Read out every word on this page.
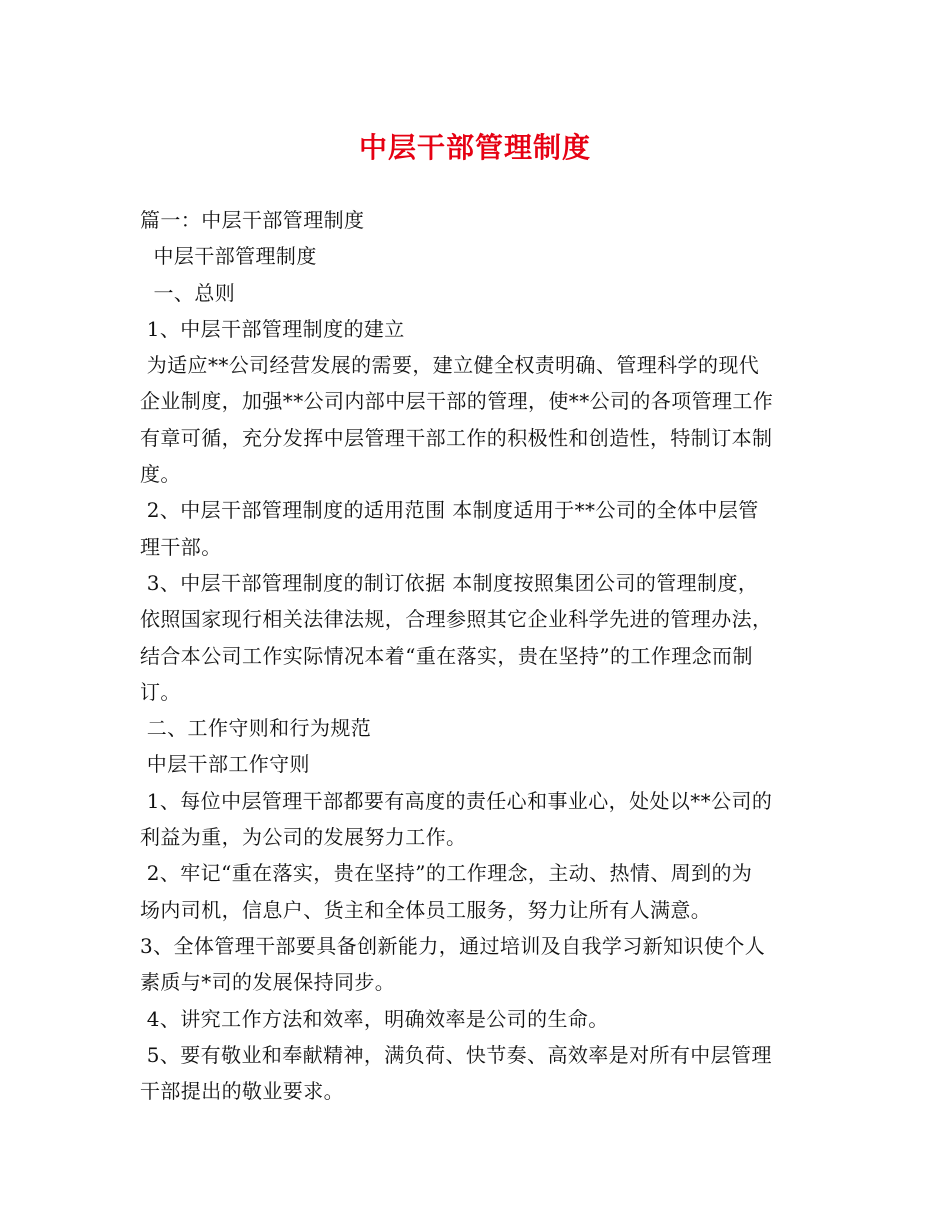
中层干部管理制度
篇一：中层干部管理制度
中层干部管理制度
一、总则
1、中层干部管理制度的建立
为适应**公司经营发展的需要，建立健全权责明确、管理科学的现代
企业制度，加强**公司内部中层干部的管理，使**公司的各项管理工作
有章可循，充分发挥中层管理干部工作的积极性和创造性，特制订本制
度。
2、中层干部管理制度的适用范围 本制度适用于**公司的全体中层管
理干部。
3、中层干部管理制度的制订依据 本制度按照集团公司的管理制度，
依照国家现行相关法律法规，合理参照其它企业科学先进的管理办法，
结合本公司工作实际情况本着“重在落实，贵在坚持”的工作理念而制
订。
二、工作守则和行为规范
中层干部工作守则
1、每位中层管理干部都要有高度的责任心和事业心，处处以**公司的
利益为重，为公司的发展努力工作。
2、牢记“重在落实，贵在坚持”的工作理念，主动、热情、周到的为
场内司机，信息户、货主和全体员工服务，努力让所有人满意。
3、全体管理干部要具备创新能力，通过培训及自我学习新知识使个人
素质与*司的发展保持同步。
4、讲究工作方法和效率，明确效率是公司的生命。
5、要有敬业和奉献精神，满负荷、快节奏、高效率是对所有中层管理
干部提出的敬业要求。
